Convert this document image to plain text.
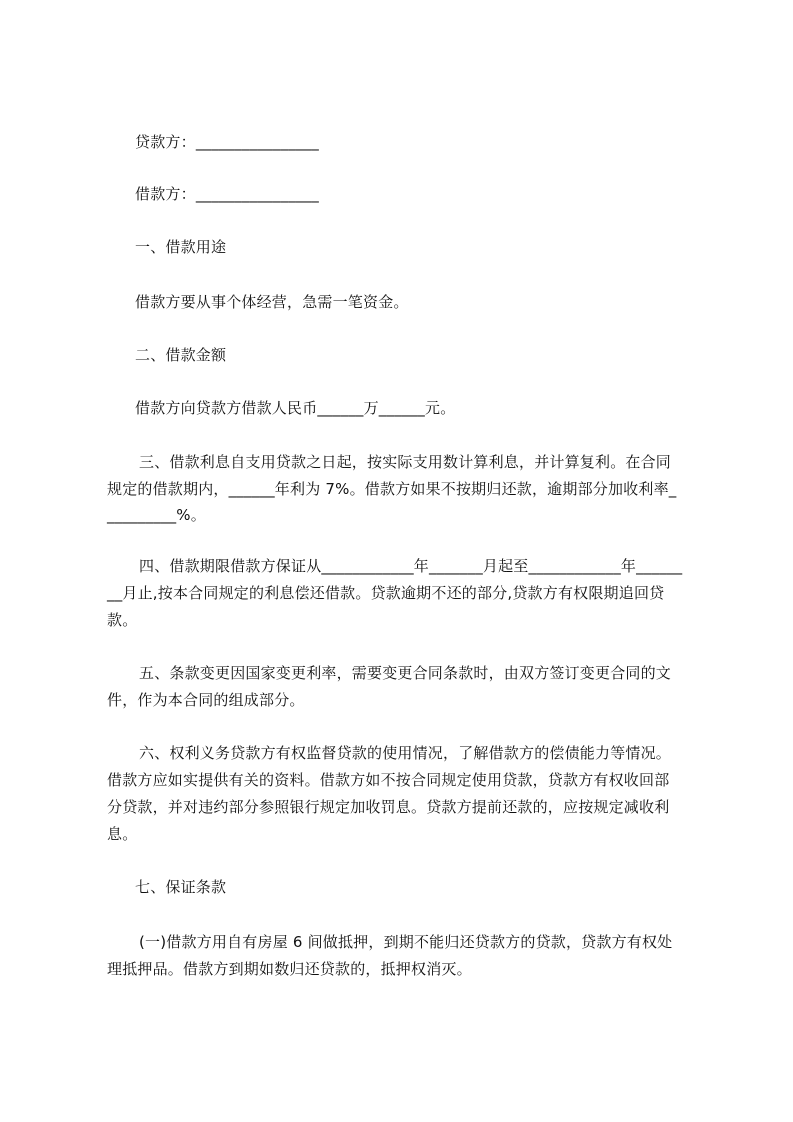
贷款方：________________
借款方：________________
一、借款用途
借款方要从事个体经营，急需一笔资金。
二、借款金额
借款方向贷款方借款人民币______万______元。
三、借款利息自支用贷款之日起，按实际支用数计算利息，并计算复利。在合同
规定的借款期内，______年利为 7%。借款方如果不按期归还款，逾期部分加收利率_
_________%。
四、借款期限借款方保证从____________年_______月起至____________年______
__月止,按本合同规定的利息偿还借款。贷款逾期不还的部分,贷款方有权限期追回贷
款。
五、条款变更因国家变更利率，需要变更合同条款时，由双方签订变更合同的文
件，作为本合同的组成部分。
六、权利义务贷款方有权监督贷款的使用情况，了解借款方的偿债能力等情况。
借款方应如实提供有关的资料。借款方如不按合同规定使用贷款，贷款方有权收回部
分贷款，并对违约部分参照银行规定加收罚息。贷款方提前还款的，应按规定减收利
息。
七、保证条款
(一)借款方用自有房屋 6 间做抵押，到期不能归还贷款方的贷款，贷款方有权处
理抵押品。借款方到期如数归还贷款的，抵押权消灭。
